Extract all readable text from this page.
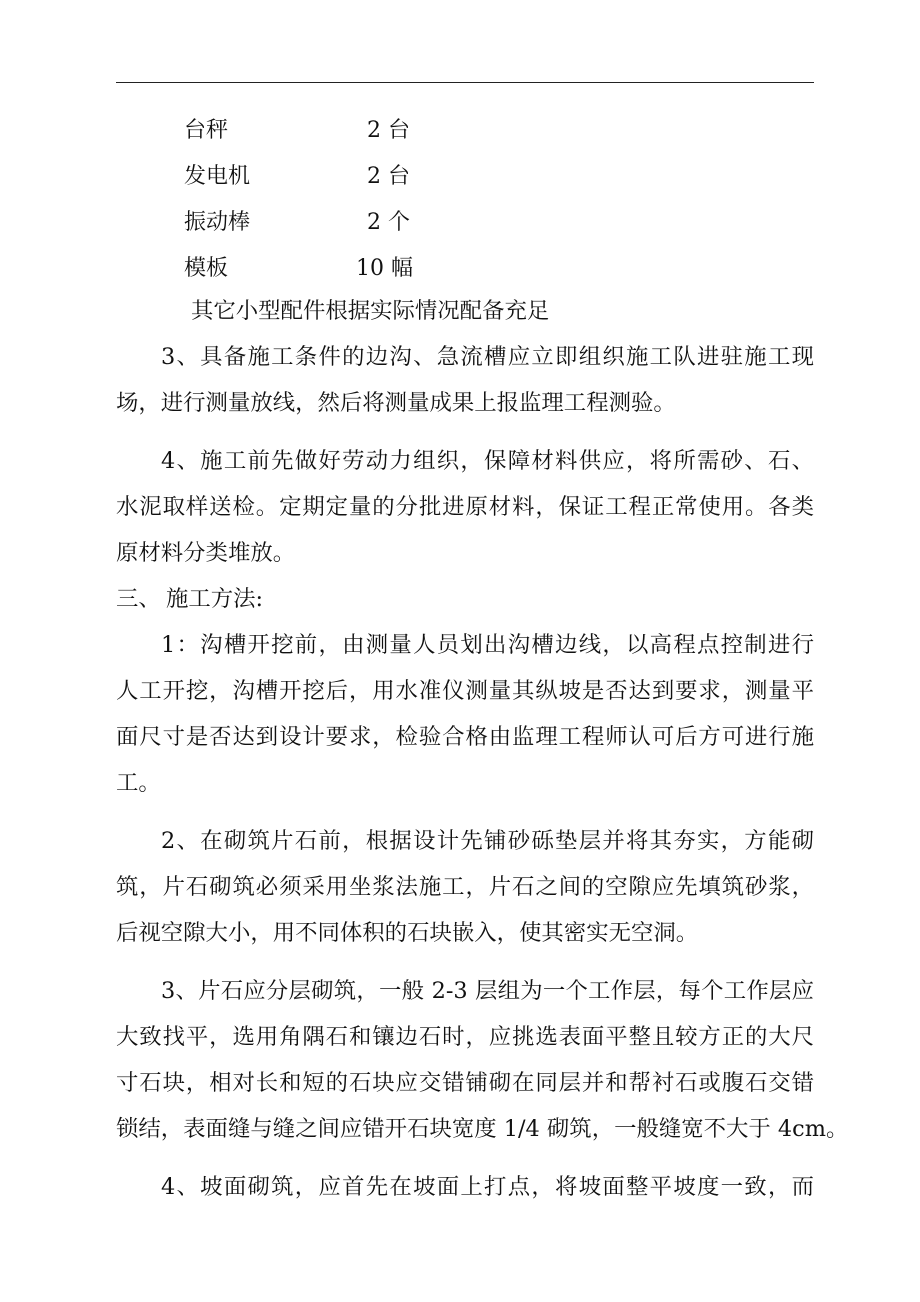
台秤	2 台
发电机	2 台
振动棒	2 个
模板	10 幅
其它小型配件根据实际情况配备充足
3、具备施工条件的边沟、急流槽应立即组织施工队进驻施工现
场，进行测量放线，然后将测量成果上报监理工程测验。
4、施工前先做好劳动力组织，保障材料供应，将所需砂、石、
水泥取样送检。定期定量的分批进原材料，保证工程正常使用。各类
原材料分类堆放。
三、 施工方法:
1：沟槽开挖前，由测量人员划出沟槽边线，以高程点控制进行
人工开挖，沟槽开挖后，用水准仪测量其纵坡是否达到要求，测量平
面尺寸是否达到设计要求，检验合格由监理工程师认可后方可进行施
工。
2、在砌筑片石前，根据设计先铺砂砾垫层并将其夯实，方能砌
筑，片石砌筑必须采用坐浆法施工，片石之间的空隙应先填筑砂浆，
后视空隙大小，用不同体积的石块嵌入，使其密实无空洞。
3、片石应分层砌筑，一般 2-3 层组为一个工作层，每个工作层应
大致找平，选用角隅石和镶边石时，应挑选表面平整且较方正的大尺
寸石块，相对长和短的石块应交错铺砌在同层并和帮衬石或腹石交错
锁结，表面缝与缝之间应错开石块宽度 1/4 砌筑，一般缝宽不大于 4cm。
4、坡面砌筑，应首先在坡面上打点，将坡面整平坡度一致，而
